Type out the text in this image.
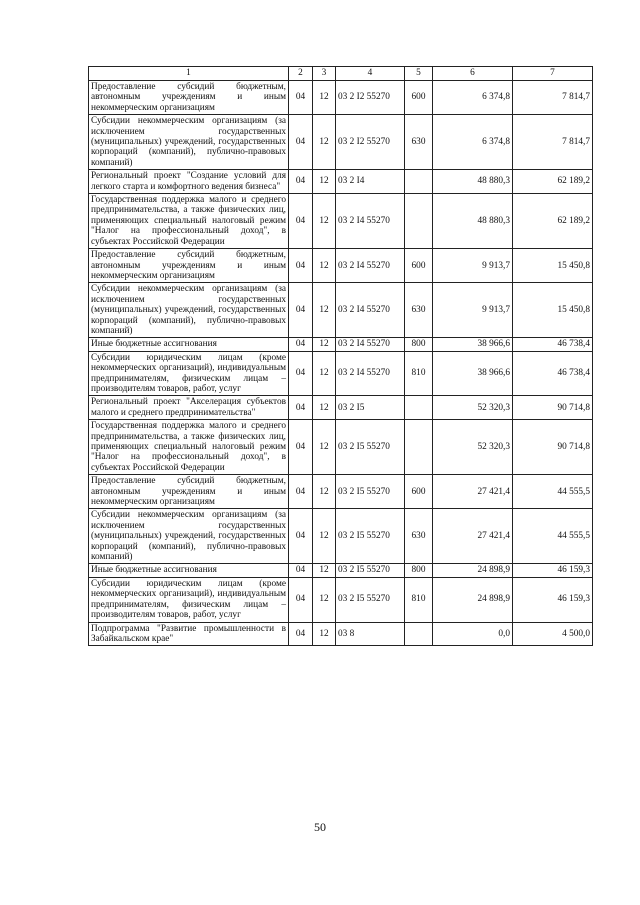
1	2	3	4	5	6	7
Предоставление субсидий бюджетным, автономным учреждениям и иным некоммерческим организациям	04	12	03 2 I2 55270	600	6 374,8	7 814,7
Субсидии некоммерческим организациям (за исключением государственных (муниципальных) учреждений, государственных корпораций (компаний), публично-правовых компаний)	04	12	03 2 I2 55270	630	6 374,8	7 814,7
Региональный проект "Создание условий для легкого старта и комфортного ведения бизнеса"	04	12	03 2 I4		48 880,3	62 189,2
Государственная поддержка малого и среднего предпринимательства, а также физических лиц, применяющих специальный налоговый режим "Налог на профессиональный доход", в субъектах Российской Федерации	04	12	03 2 I4 55270		48 880,3	62 189,2
Предоставление субсидий бюджетным, автономным учреждениям и иным некоммерческим организациям	04	12	03 2 I4 55270	600	9 913,7	15 450,8
Субсидии некоммерческим организациям (за исключением государственных (муниципальных) учреждений, государственных корпораций (компаний), публично-правовых компаний)	04	12	03 2 I4 55270	630	9 913,7	15 450,8
Иные бюджетные ассигнования	04	12	03 2 I4 55270	800	38 966,6	46 738,4
Субсидии юридическим лицам (кроме некоммерческих организаций), индивидуальным предпринимателям, физическим лицам – производителям товаров, работ, услуг	04	12	03 2 I4 55270	810	38 966,6	46 738,4
Региональный проект "Акселерация субъектов малого и среднего предпринимательства"	04	12	03 2 I5		52 320,3	90 714,8
Государственная поддержка малого и среднего предпринимательства, а также физических лиц, применяющих специальный налоговый режим "Налог на профессиональный доход", в субъектах Российской Федерации	04	12	03 2 I5 55270		52 320,3	90 714,8
Предоставление субсидий бюджетным, автономным учреждениям и иным некоммерческим организациям	04	12	03 2 I5 55270	600	27 421,4	44 555,5
Субсидии некоммерческим организациям (за исключением государственных (муниципальных) учреждений, государственных корпораций (компаний), публично-правовых компаний)	04	12	03 2 I5 55270	630	27 421,4	44 555,5
Иные бюджетные ассигнования	04	12	03 2 I5 55270	800	24 898,9	46 159,3
Субсидии юридическим лицам (кроме некоммерческих организаций), индивидуальным предпринимателям, физическим лицам – производителям товаров, работ, услуг	04	12	03 2 I5 55270	810	24 898,9	46 159,3
Подпрограмма "Развитие промышленности в Забайкальском крае"	04	12	03 8		0,0	4 500,0
50
